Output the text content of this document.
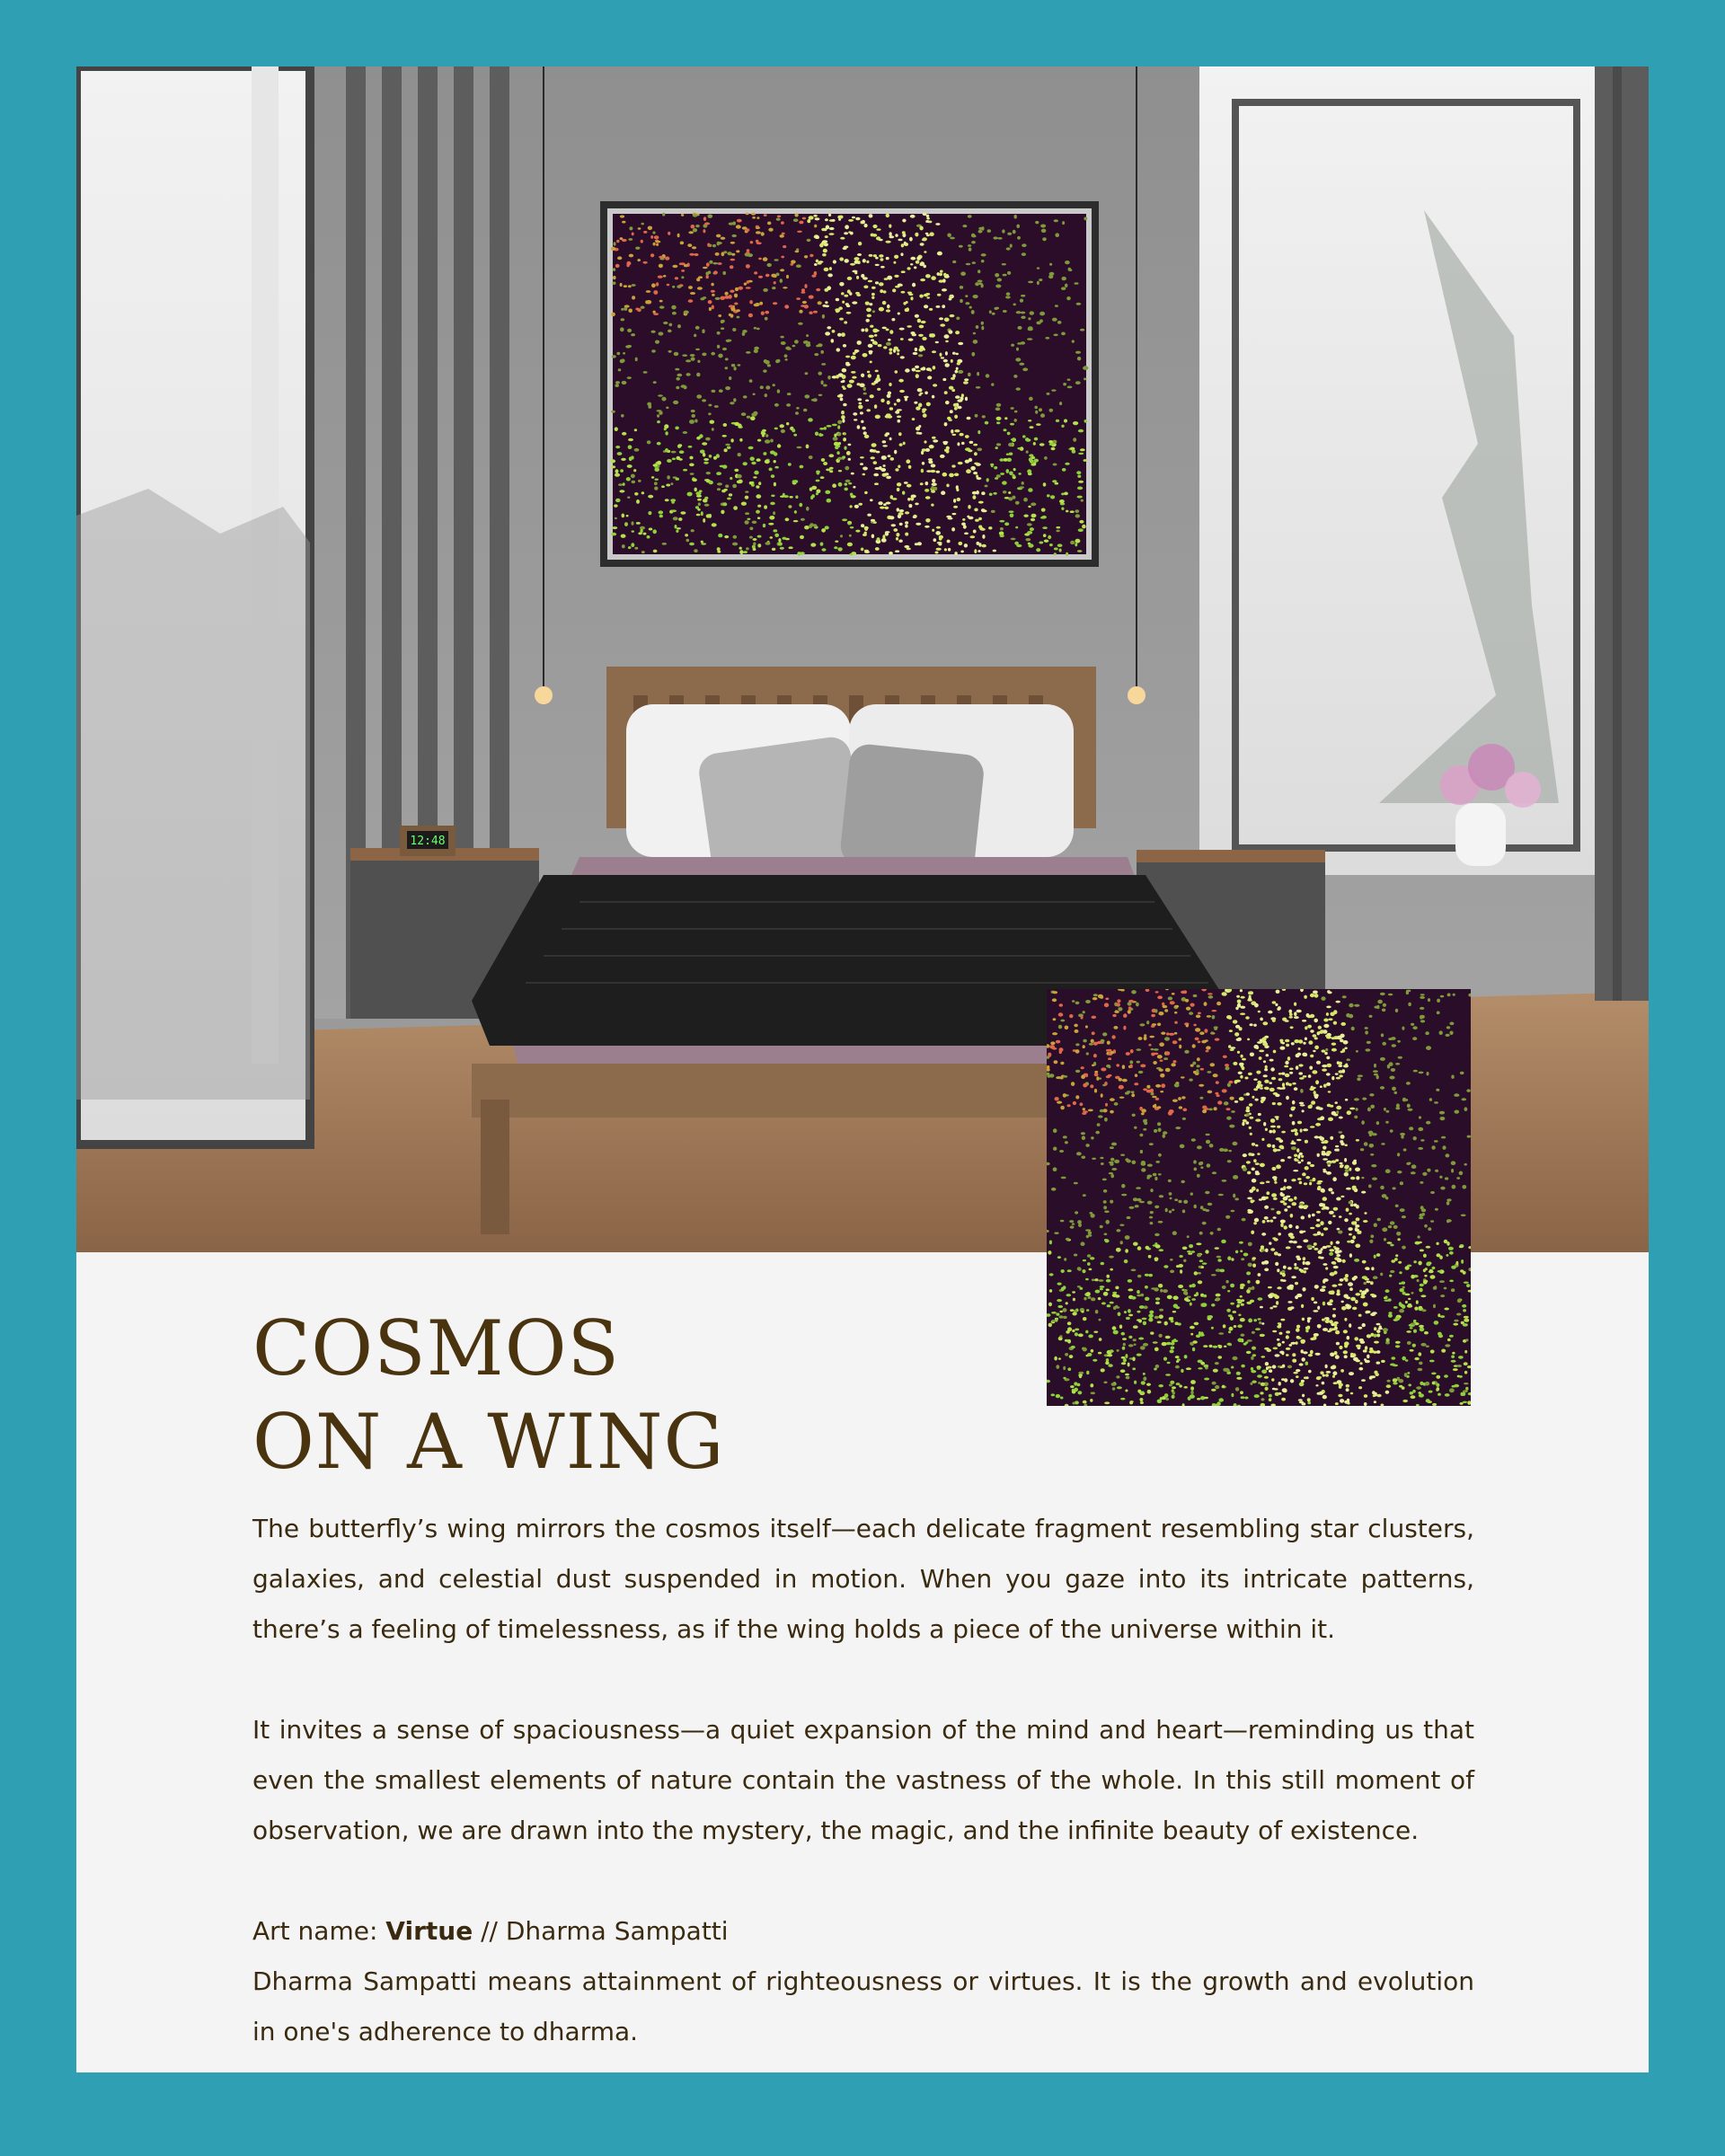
12:48
COSMOS
ON A WING

The butterfly’s wing mirrors the cosmos itself—each delicate fragment resembling star clusters, galaxies, and celestial dust suspended in motion. When you gaze into its intricate patterns, there’s a feeling of timelessness, as if the wing holds a piece of the universe within it.

It invites a sense of spaciousness—a quiet expansion of the mind and heart—reminding us that even the smallest elements of nature contain the vastness of the whole. In this still moment of observation, we are drawn into the mystery, the magic, and the infinite beauty of existence.

Art name: Virtue // Dharma Sampatti
Dharma Sampatti means attainment of righteousness or virtues. It is the growth and evolution in one's adherence to dharma.
